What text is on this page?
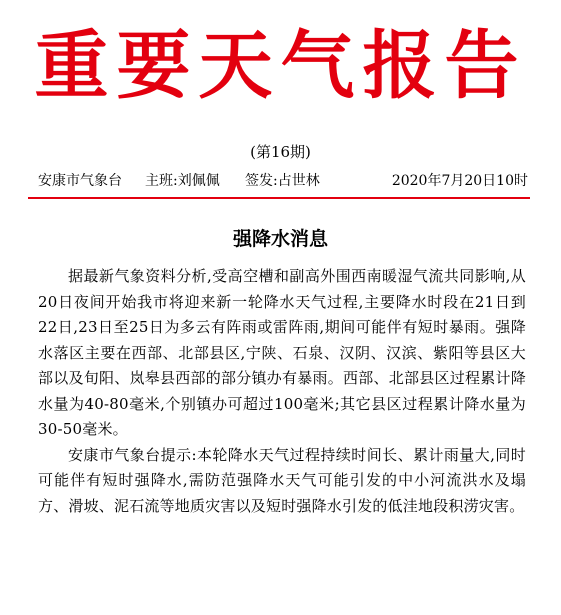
重要天气报告
(第16期)
安康市气象台 主班:刘佩佩 签发:占世林	2020年7月20日10时
强降水消息

据最新气象资料分析,受高空槽和副高外围西南暖湿气流共同影响,从20日夜间开始我市将迎来新一轮降水天气过程,主要降水时段在21日到22日,23日至25日为多云有阵雨或雷阵雨,期间可能伴有短时暴雨。强降水落区主要在西部、北部县区,宁陕、石泉、汉阴、汉滨、紫阳等县区大部以及旬阳、岚皋县西部的部分镇办有暴雨。西部、北部县区过程累计降水量为40-80毫米,个别镇办可超过100毫米;其它县区过程累计降水量为30-50毫米。

安康市气象台提示:本轮降水天气过程持续时间长、累计雨量大,同时可能伴有短时强降水,需防范强降水天气可能引发的中小河流洪水及塌方、滑坡、泥石流等地质灾害以及短时强降水引发的低洼地段积涝灾害。
